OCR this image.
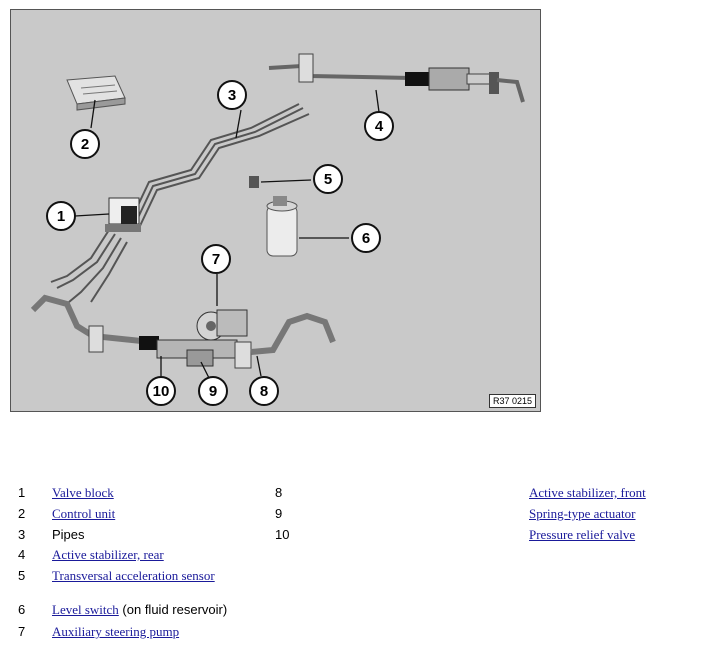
1
2
3
4
5
6
7
8
9
10
R37 0215
1 Valve block
2 Control unit
3 Pipes
4 Active stabilizer, rear
5 Transversal acceleration sensor
6 Level switch (on fluid reservoir)
7 Auxiliary steering pump
8
9
10
Active stabilizer, front
Spring-type actuator
Pressure relief valve
